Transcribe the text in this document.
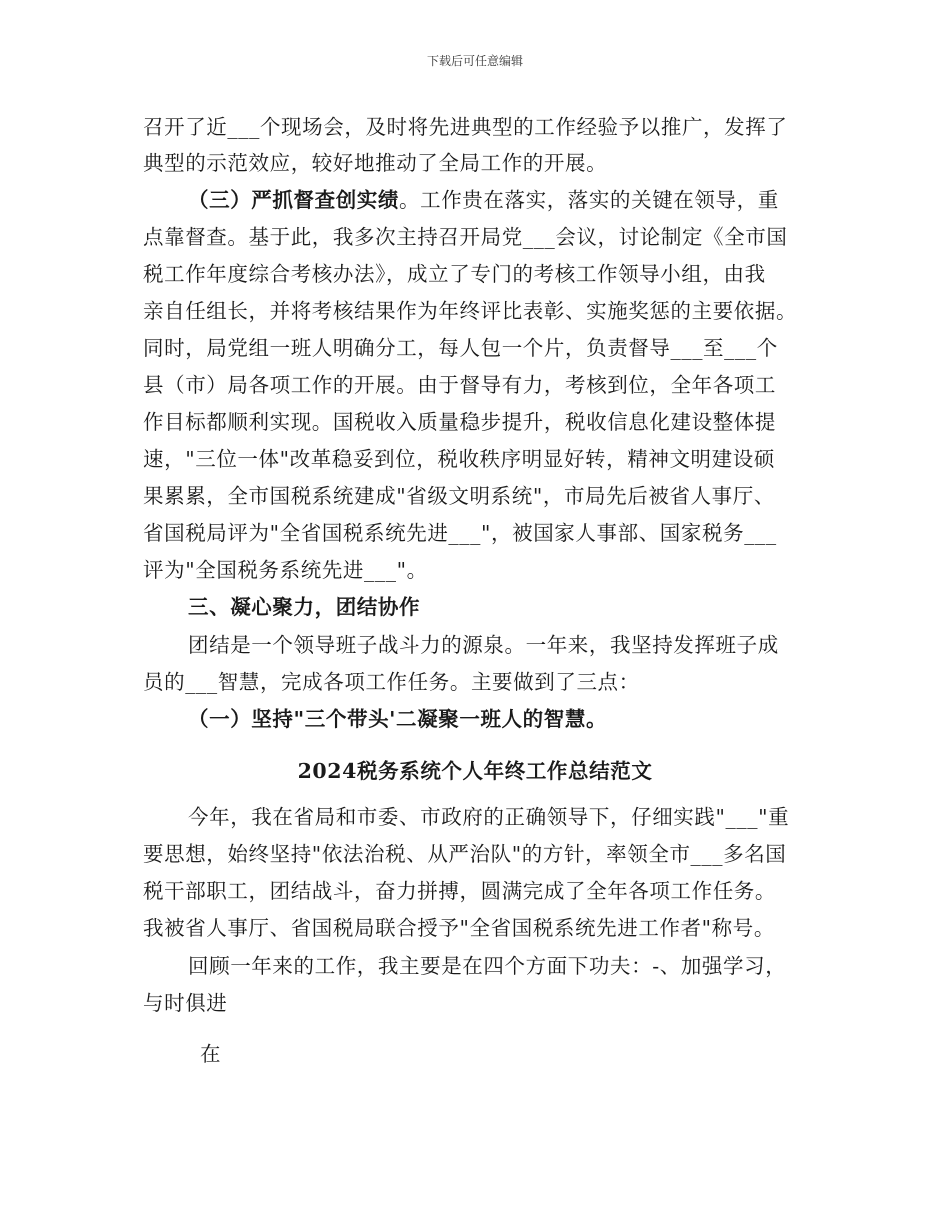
下载后可任意编辑
召开了近___个现场会，及时将先进典型的工作经验予以推广，发挥了
典型的示范效应，较好地推动了全局工作的开展。
（三）严抓督查创实绩。工作贵在落实，落实的关键在领导，重
点靠督查。基于此，我多次主持召开局党___会议，讨论制定《全市国
税工作年度综合考核办法》，成立了专门的考核工作领导小组，由我
亲自任组长，并将考核结果作为年终评比表彰、实施奖惩的主要依据。
同时，局党组一班人明确分工，每人包一个片，负责督导___至___个
县（市）局各项工作的开展。由于督导有力，考核到位，全年各项工
作目标都顺利实现。国税收入质量稳步提升，税收信息化建设整体提
速，"三位一体"改革稳妥到位，税收秩序明显好转，精神文明建设硕
果累累，全市国税系统建成"省级文明系统"，市局先后被省人事厅、
省国税局评为"全省国税系统先进___"，被国家人事部、国家税务___
评为"全国税务系统先进___"。
三、凝心聚力，团结协作
团结是一个领导班子战斗力的源泉。一年来，我坚持发挥班子成
员的___智慧，完成各项工作任务。主要做到了三点：
（一）坚持"三个带头'二凝聚一班人的智慧。
2024税务系统个人年终工作总结范文
今年，我在省局和市委、市政府的正确领导下，仔细实践"___"重
要思想，始终坚持"依法治税、从严治队"的方针，率领全市___多名国
税干部职工，团结战斗，奋力拼搏，圆满完成了全年各项工作任务。
我被省人事厅、省国税局联合授予"全省国税系统先进工作者"称号。
回顾一年来的工作，我主要是在四个方面下功夫：-、加强学习，
与时俱进
在
